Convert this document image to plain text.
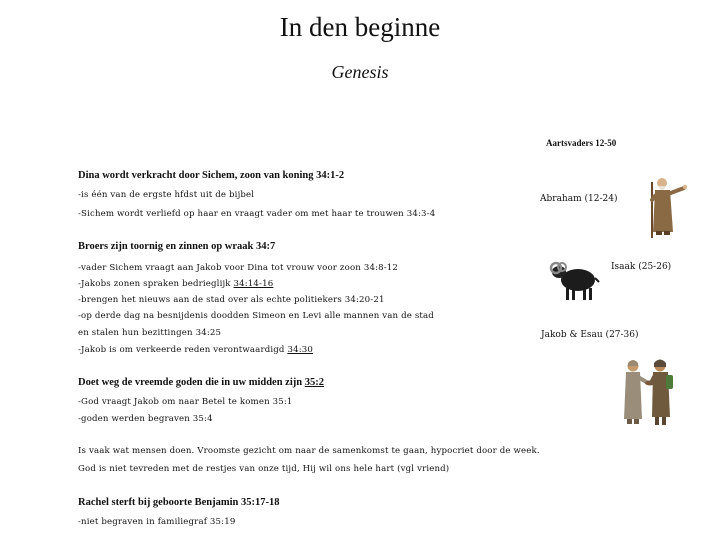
In den beginne
Genesis
Aartsvaders 12-50
Dina wordt verkracht door Sichem, zoon van koning 34:1-2
-is één van de ergste hfdst uit de bijbel
-Sichem wordt verliefd op haar en vraagt vader om met haar te trouwen 34:3-4
Broers zijn toornig en zinnen op wraak 34:7
-vader Sichem vraagt aan Jakob voor Dina tot vrouw voor zoon 34:8-12
-Jakobs zonen spraken bedrieglijk 34:14-16
-brengen het nieuws aan de stad over als echte politiekers 34:20-21
-op derde dag na besnijdenis doodden Simeon en Levi alle mannen van de stad
en stalen hun bezittingen 34:25
-Jakob is om verkeerde reden verontwaardigd 34:30
Doet weg de vreemde goden die in uw midden zijn 35:2
-God vraagt Jakob om naar Betel te komen 35:1
-goden werden begraven 35:4
Is vaak wat mensen doen. Vroomste gezicht om naar de samenkomst te gaan, hypocriet door de week.
God is niet tevreden met de restjes van onze tijd, Hij wil ons hele hart (vgl vriend)
Rachel sterft bij geboorte Benjamin 35:17-18
-niet begraven in familiegraf 35:19
Abraham (12-24)
Isaak (25-26)
Jakob & Esau (27-36)
